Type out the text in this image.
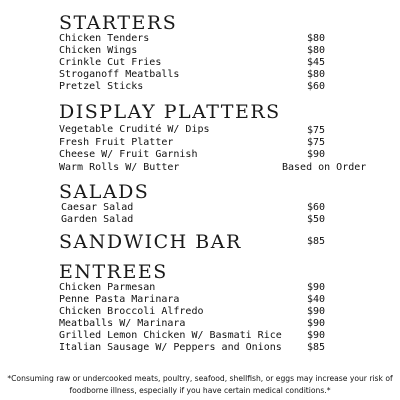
STARTERS
Chicken Tenders	$80
Chicken Wings	$80
Crinkle Cut Fries	$45
Stroganoff Meatballs	$80
Pretzel Sticks	$60
DISPLAY PLATTERS
Vegetable Crudité W/ Dips	$75
Fresh Fruit Platter	$75
Cheese W/ Fruit Garnish	$90
Warm Rolls W/ Butter	Based on Order
SALADS
Caesar Salad	$60
Garden Salad	$50
SANDWICH BAR	$85
ENTREES
Chicken Parmesan	$90
Penne Pasta Marinara	$40
Chicken Broccoli Alfredo	$90
Meatballs W/ Marinara	$90
Grilled Lemon Chicken W/ Basmati Rice	$90
Italian Sausage W/ Peppers and Onions	$85
*Consuming raw or undercooked meats, poultry, seafood, shellfish, or eggs may increase your risk of foodborne illness, especially if you have certain medical conditions.*
